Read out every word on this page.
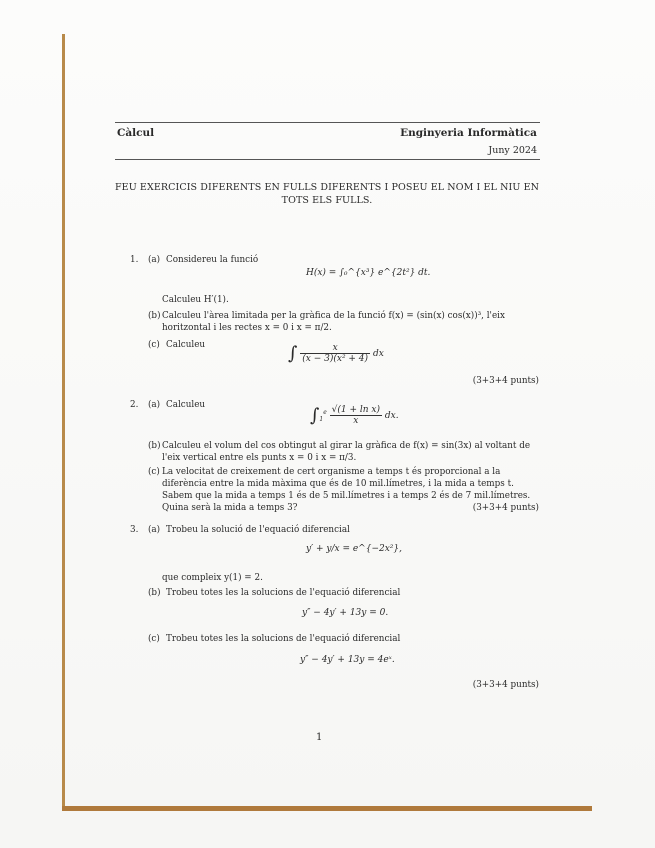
Càlcul	Enginyeria Informàtica
Juny 2024
FEU EXERCICIS DIFERENTS EN FULLS DIFERENTS I POSEU EL NOM I EL NIU EN TOTS ELS FULLS.
1. (a) Considereu la funció
H(x) = ∫₀^{x³} e^{2t²} dt.
Calculeu H′(1).
(b) Calculeu l'àrea limitada per la gràfica de la funció f(x) = (sin(x) cos(x))³, l'eix horitzontal i les rectes x = 0 i x = π/2.
(c) Calculeu	∫ $\frac{x}{\text{(x − 3)(x² + 4)}}$ dx
(3+3+4 punts)
2. (a) Calculeu	$\int_1^e \frac{\text{√(1 + ln x)}}{x}$ dx.
(b) Calculeu el volum del cos obtingut al girar la gràfica de f(x) = sin(3x) al voltant de l'eix vertical entre els punts x = 0 i x = π/3.
(c) La velocitat de creixement de cert organisme a temps t és proporcional a la diferència entre la mida màxima que és de 10 mil.límetres, i la mida a temps t. Sabem que la mida a temps 1 és de 5 mil.límetres i a temps 2 és de 7 mil.límetres. Quina serà la mida a temps 3?	(3+3+4 punts)
3. (a) Trobeu la solució de l'equació diferencial
y′ + y/x = e^{−2x²},
que compleix y(1) = 2.
(b) Trobeu totes les la solucions de l'equació diferencial
y″ − 4y′ + 13y = 0.
(c) Trobeu totes les la solucions de l'equació diferencial
y″ − 4y′ + 13y = 4eˣ.
(3+3+4 punts)
1
